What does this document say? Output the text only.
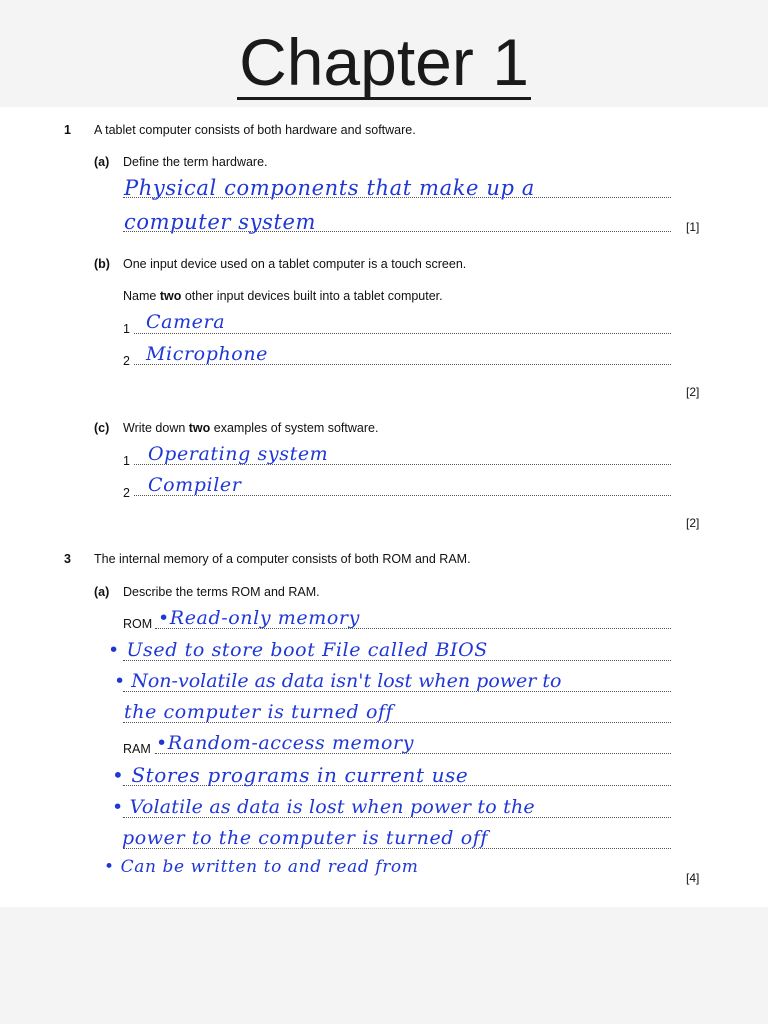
Chapter 1
1 A tablet computer consists of both hardware and software.
(a) Define the term hardware.
Physical components that make up a
computer system	[1]
(b) One input device used on a tablet computer is a touch screen.
Name two other input devices built into a tablet computer.
1 Camera
2 Microphone
[2]
(c) Write down two examples of system software.
1 Operating system
2 Compiler
[2]
3 The internal memory of a computer consists of both ROM and RAM.
(a) Describe the terms ROM and RAM.
ROM •Read-only memory
• Used to store boot File called BIOS
• Non-volatile as data isn't lost when power to
the computer is turned off
RAM •Random-access memory
• Stores programs in current use
• Volatile as data is lost when power to the
power to the computer is turned off
• Can be written to and read from
[4]
